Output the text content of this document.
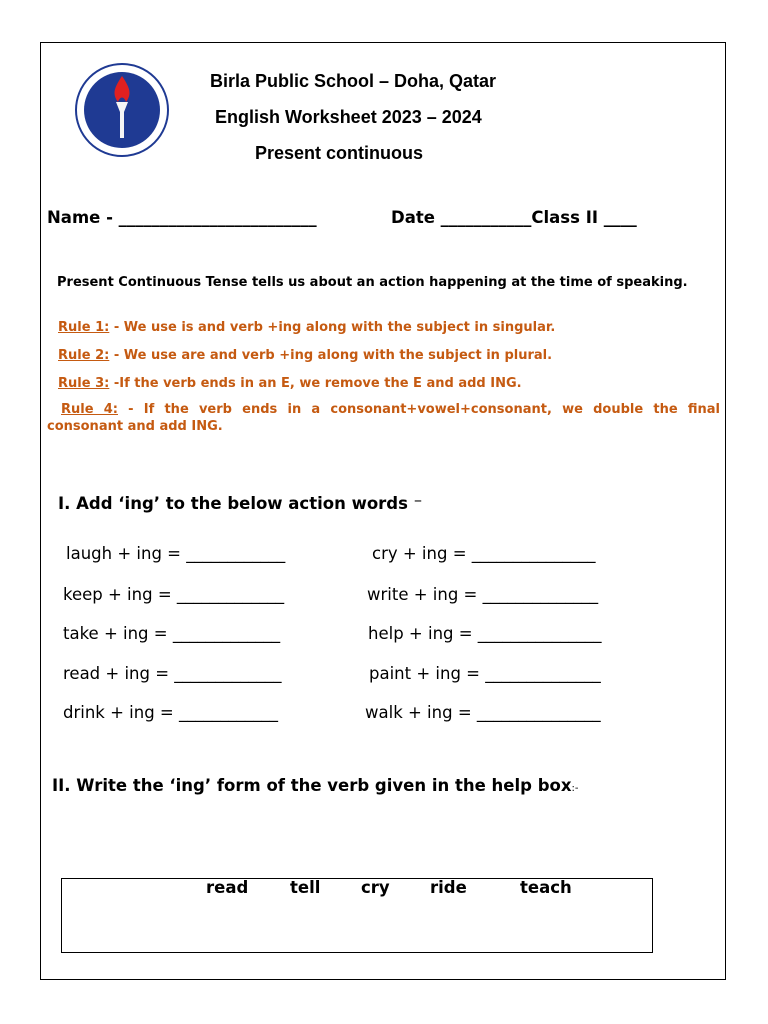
Birla Public School – Doha, Qatar
English Worksheet 2023 – 2024
Present continuous
Name - ________________________	Date ___________Class II ____
Present Continuous Tense tells us about an action happening at the time of speaking.
Rule 1: - We use is and verb +ing along with the subject in singular.
Rule 2: - We use are and verb +ing along with the subject in plural.
Rule 3: -If the verb ends in an E, we remove the E and add ING.
Rule 4: - If the verb ends in a consonant+vowel+consonant, we double the final consonant and add ING.
I. Add ‘ing’ to the below action words ⁻
laugh + ing = ____________	cry + ing = _______________
keep + ing = _____________	write + ing = ______________
take + ing = _____________	help + ing = _______________
read + ing = _____________	paint + ing = ______________
drink + ing = ____________	walk + ing = _______________
II. Write the ‘ing’ form of the verb given in the help box:-
read	tell cry ride	teach
